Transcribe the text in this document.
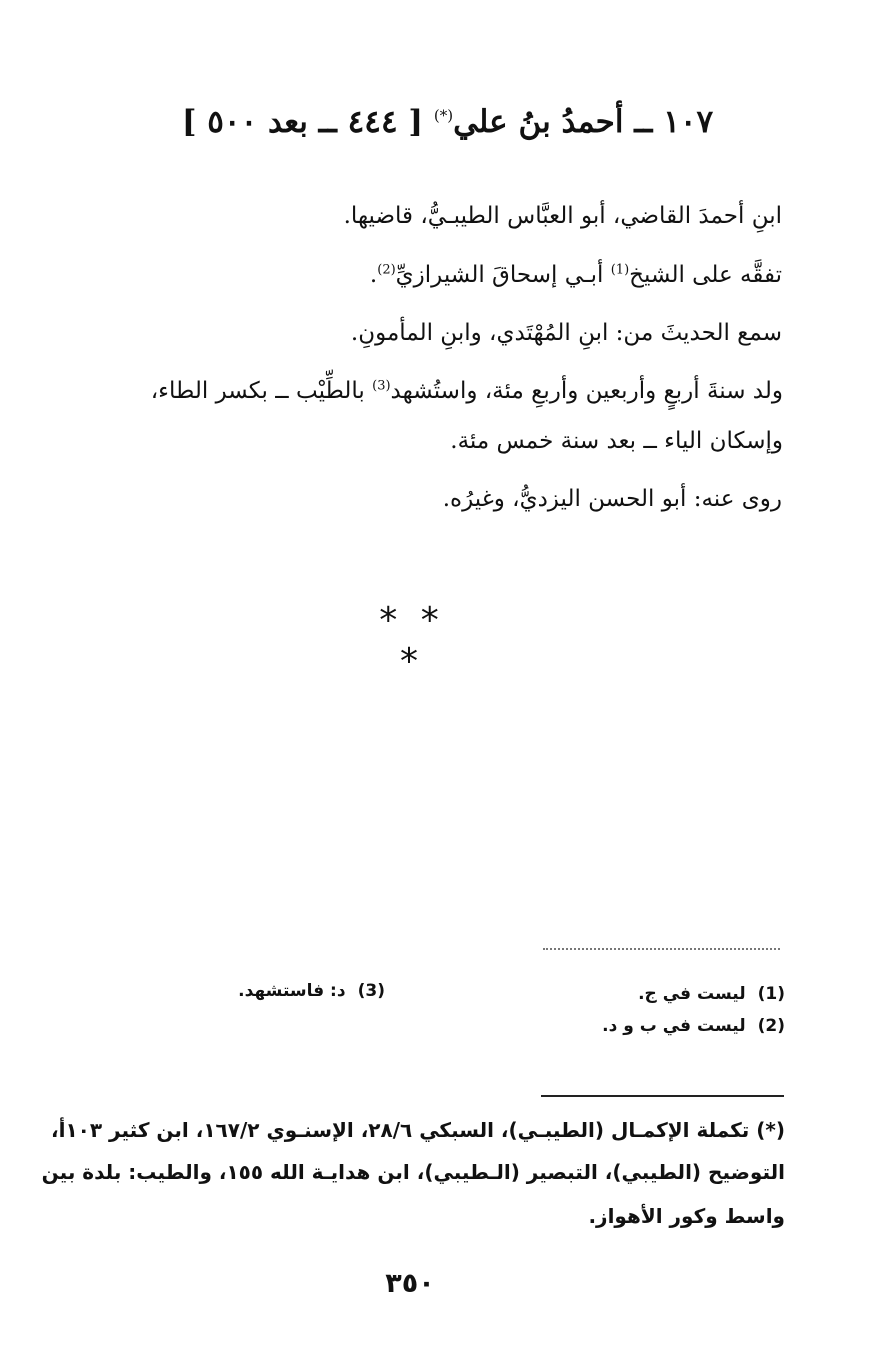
١٠٧ ــ أحمدُ بنُ علي(*) [ ٤٤٤ ــ بعد ٥٠٠ ]
ابنِ أحمدَ القاضي، أبو العبَّاس الطيبـيُّ، قاضيها.
تفقَّه على الشيخ$^{(1)}$ أبـي إسحاقَ الشيرازيِّ$^{(2)}$.
سمع الحديثَ من: ابنِ المُهْتَدي، وابنِ المأمونِ.
ولد سنةَ أربعٍ وأربعين وأربعِ مئة، واستُشهد$^{(3)}$ بالطِّيْب ــ بكسر الطاء،
وإسكان الياء ــ بعد سنة خمس مئة.
روى عنه: أبو الحسن اليزديُّ، وغيرُه.
* * *
(1)ليست في ج.
(2)ليست في ب و د.
(3)د: فاستشهد.
(*) تكملة الإكمـال (الطيبـي)، السبكي ٢٨/٦، الإسنـوي ١٦٧/٢، ابن كثير ١٠٣أ،
التوضيح (الطيبي)، التبصير (الـطيبي)، ابن هدايـة الله ١٥٥، والطيب: بلدة بين
واسط وكور الأهواز.
٣٥٠
